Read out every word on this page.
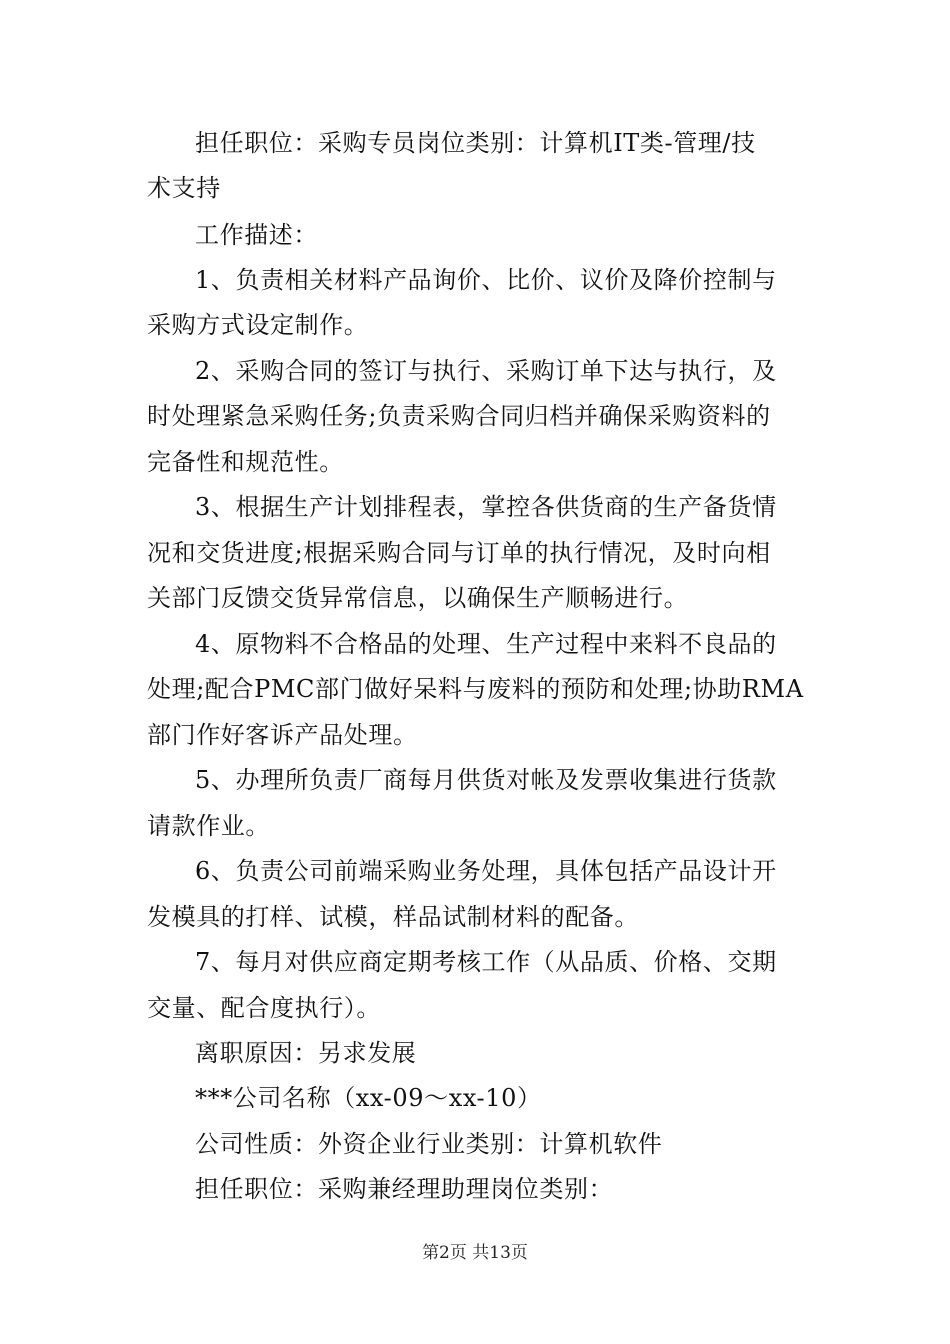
担任职位：采购专员岗位类别：计算机IT类-管理/技
术支持
工作描述：
1、负责相关材料产品询价、比价、议价及降价控制与
采购方式设定制作。
2、采购合同的签订与执行、采购订单下达与执行，及
时处理紧急采购任务;负责采购合同归档并确保采购资料的
完备性和规范性。
3、根据生产计划排程表，掌控各供货商的生产备货情
况和交货进度;根据采购合同与订单的执行情况，及时向相
关部门反馈交货异常信息，以确保生产顺畅进行。
4、原物料不合格品的处理、生产过程中来料不良品的
处理;配合PMC部门做好呆料与废料的预防和处理;协助RMA
部门作好客诉产品处理。
5、办理所负责厂商每月供货对帐及发票收集进行货款
请款作业。
6、负责公司前端采购业务处理，具体包括产品设计开
发模具的打样、试模，样品试制材料的配备。
7、每月对供应商定期考核工作（从品质、价格、交期
交量、配合度执行）。
离职原因：另求发展
***公司名称（xx-09～xx-10）
公司性质：外资企业行业类别：计算机软件
担任职位：采购兼经理助理岗位类别：
第2页 共13页
